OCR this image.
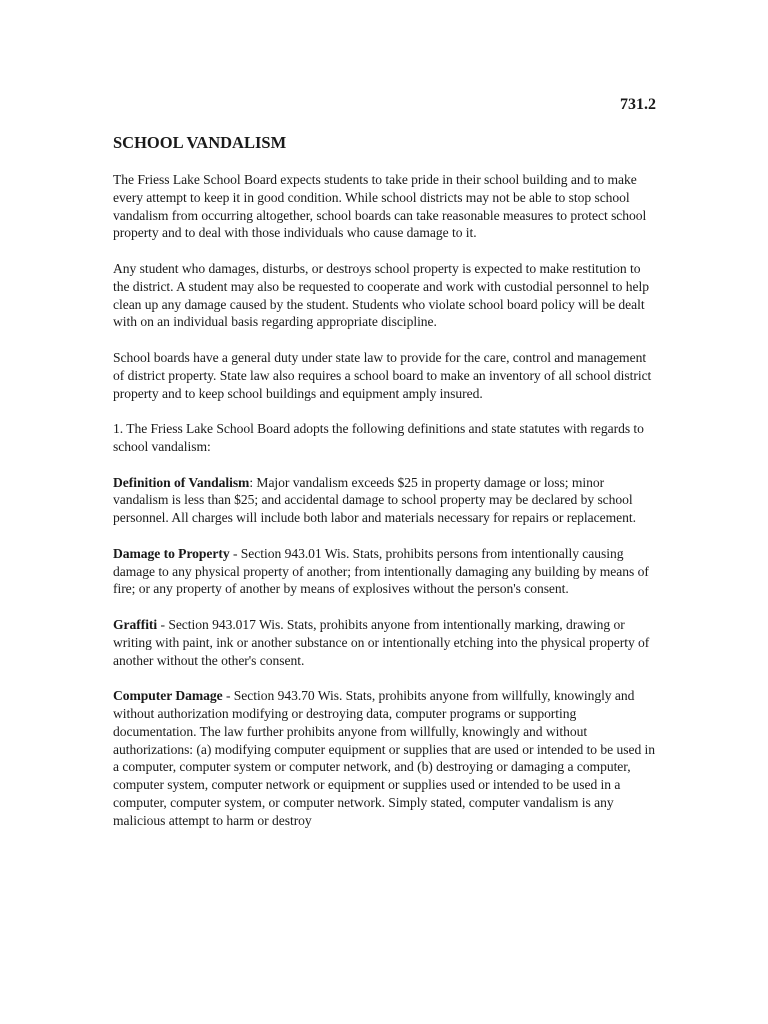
731.2
SCHOOL VANDALISM

The Friess Lake School Board expects students to take pride in their school building and to make every attempt to keep it in good condition. While school districts may not be able to stop school vandalism from occurring altogether, school boards can take reasonable measures to protect school property and to deal with those individuals who cause damage to it.

Any student who damages, disturbs, or destroys school property is expected to make restitution to the district. A student may also be requested to cooperate and work with custodial personnel to help clean up any damage caused by the student. Students who violate school board policy will be dealt with on an individual basis regarding appropriate discipline.

School boards have a general duty under state law to provide for the care, control and management of district property. State law also requires a school board to make an inventory of all school district property and to keep school buildings and equipment amply insured.

1. The Friess Lake School Board adopts the following definitions and state statutes with regards to school vandalism:

Definition of Vandalism: Major vandalism exceeds $25 in property damage or loss; minor vandalism is less than $25; and accidental damage to school property may be declared by school personnel. All charges will include both labor and materials necessary for repairs or replacement.

Damage to Property - Section 943.01 Wis. Stats, prohibits persons from intentionally causing damage to any physical property of another; from intentionally damaging any building by means of fire; or any property of another by means of explosives without the person's consent.

Graffiti - Section 943.017 Wis. Stats, prohibits anyone from intentionally marking, drawing or writing with paint, ink or another substance on or intentionally etching into the physical property of another without the other's consent.

Computer Damage - Section 943.70 Wis. Stats, prohibits anyone from willfully, knowingly and without authorization modifying or destroying data, computer programs or supporting documentation. The law further prohibits anyone from willfully, knowingly and without authorizations: (a) modifying computer equipment or supplies that are used or intended to be used in a computer, computer system or computer network, and (b) destroying or damaging a computer, computer system, computer network or equipment or supplies used or intended to be used in a computer, computer system, or computer network. Simply stated, computer vandalism is any malicious attempt to harm or destroy
